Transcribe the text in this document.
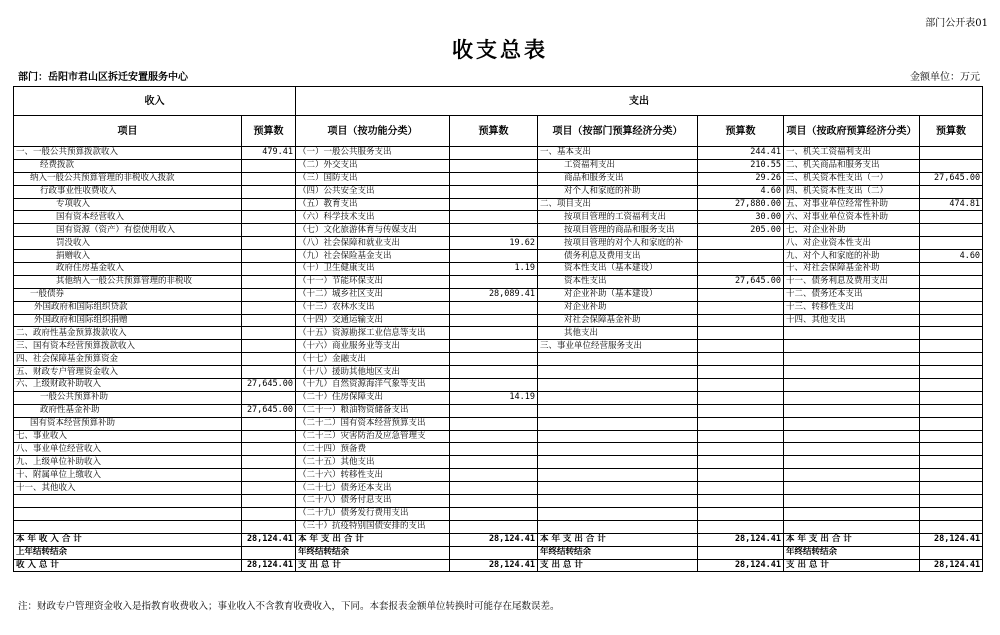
部门公开表01
收支总表
部门：岳阳市君山区拆迁安置服务中心	金额单位：万元
收入		支出					
项目	预算数	项目（按功能分类）	预算数	项目（按部门预算经济分类）	预算数	项目（按政府预算经济分类）	预算数
一、一般公共预算拨款收入	479.41	（一）一般公共服务支出		一、基本支出	244.41	一、机关工资福利支出	
经费拨款		（二）外交支出		工资福利支出	210.55	二、机关商品和服务支出	
纳入一般公共预算管理的非税收入拨款		（三）国防支出		商品和服务支出	29.26	三、机关资本性支出（一）	27,645.00
行政事业性收费收入		（四）公共安全支出		对个人和家庭的补助	4.60	四、机关资本性支出（二）	
专项收入		（五）教育支出		二、项目支出	27,880.00	五、对事业单位经常性补助	474.81
国有资本经营收入		（六）科学技术支出		按项目管理的工资福利支出	30.00	六、对事业单位资本性补助	
国有资源（资产）有偿使用收入		（七）文化旅游体育与传媒支出		按项目管理的商品和服务支出	205.00	七、对企业补助	
罚没收入		（八）社会保障和就业支出	19.62	按项目管理的对个人和家庭的补		八、对企业资本性支出	
捐赠收入		（九）社会保险基金支出		债务利息及费用支出		九、对个人和家庭的补助	4.60
政府住房基金收入		（十）卫生健康支出	1.19	资本性支出（基本建设）		十、对社会保障基金补助	
其他纳入一般公共预算管理的非税收		（十一）节能环保支出		资本性支出	27,645.00	十一、债务利息及费用支出	
一般债券		（十二）城乡社区支出	28,089.41	对企业补助（基本建设）		十二、债务还本支出	
外国政府和国际组织贷款		（十三）农林水支出		对企业补助		十三、转移性支出	
外国政府和国际组织捐赠		（十四）交通运输支出		对社会保障基金补助		十四、其他支出	
二、政府性基金预算拨款收入		（十五）资源勘探工业信息等支出		其他支出			
三、国有资本经营预算拨款收入		（十六）商业服务业等支出		三、事业单位经营服务支出			
四、社会保障基金预算资金		（十七）金融支出					
五、财政专户管理资金收入		（十八）援助其他地区支出					
六、上级财政补助收入	27,645.00	（十九）自然资源海洋气象等支出					
一般公共预算补助		（二十）住房保障支出	14.19				
政府性基金补助	27,645.00	（二十一）粮油物资储备支出					
国有资本经营预算补助		（二十二）国有资本经营预算支出					
七、事业收入		（二十三）灾害防治及应急管理支					
八、事业单位经营收入		（二十四）预备费					
九、上级单位补助收入		（二十五）其他支出					
十、附属单位上缴收入		（二十六）转移性支出					
十一、其他收入		（二十七）债务还本支出					
		（二十八）债务付息支出					
		（二十九）债务发行费用支出					
		（三十）抗疫特别国债安排的支出					
本 年 收 入 合 计	28,124.41	本 年 支 出 合 计	28,124.41	本 年 支 出 合 计	28,124.41	本 年 支 出 合 计	28,124.41
上年结转结余		年终结转结余		年终结转结余		年终结转结余	
收 入 总 计	28,124.41	支 出 总 计	28,124.41	支 出 总 计	28,124.41	支 出 总 计	28,124.41
注：财政专户管理资金收入是指教育收费收入；事业收入不含教育收费收入，下同。本套报表金额单位转换时可能存在尾数误差。
